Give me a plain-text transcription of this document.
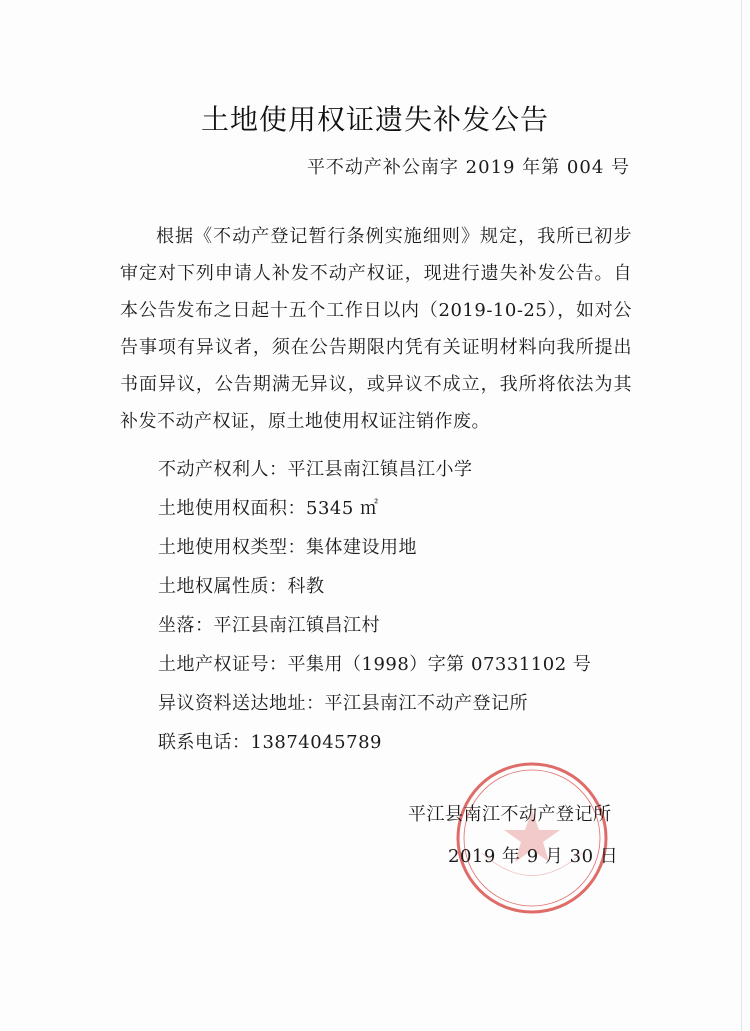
土地使用权证遗失补发公告
平不动产补公南字 2019 年第 004 号

根据《不动产登记暂行条例实施细则》规定，我所已初步审定对下列申请人补发不动产权证，现进行遗失补发公告。自本公告发布之日起十五个工作日以内（2019-10-25），如对公告事项有异议者，须在公告期限内凭有关证明材料向我所提出书面异议，公告期满无异议，或异议不成立，我所将依法为其补发不动产权证，原土地使用权证注销作废。

不动产权利人：平江县南江镇昌江小学
土地使用权面积：5345 ㎡
土地使用权类型：集体建设用地
土地权属性质：科教
坐落：平江县南江镇昌江村
土地产权证号：平集用（1998）字第 07331102 号
异议资料送达地址：平江县南江不动产登记所
联系电话：13874045789
平江县南江不动产登记所
2019 年 9 月 30 日
